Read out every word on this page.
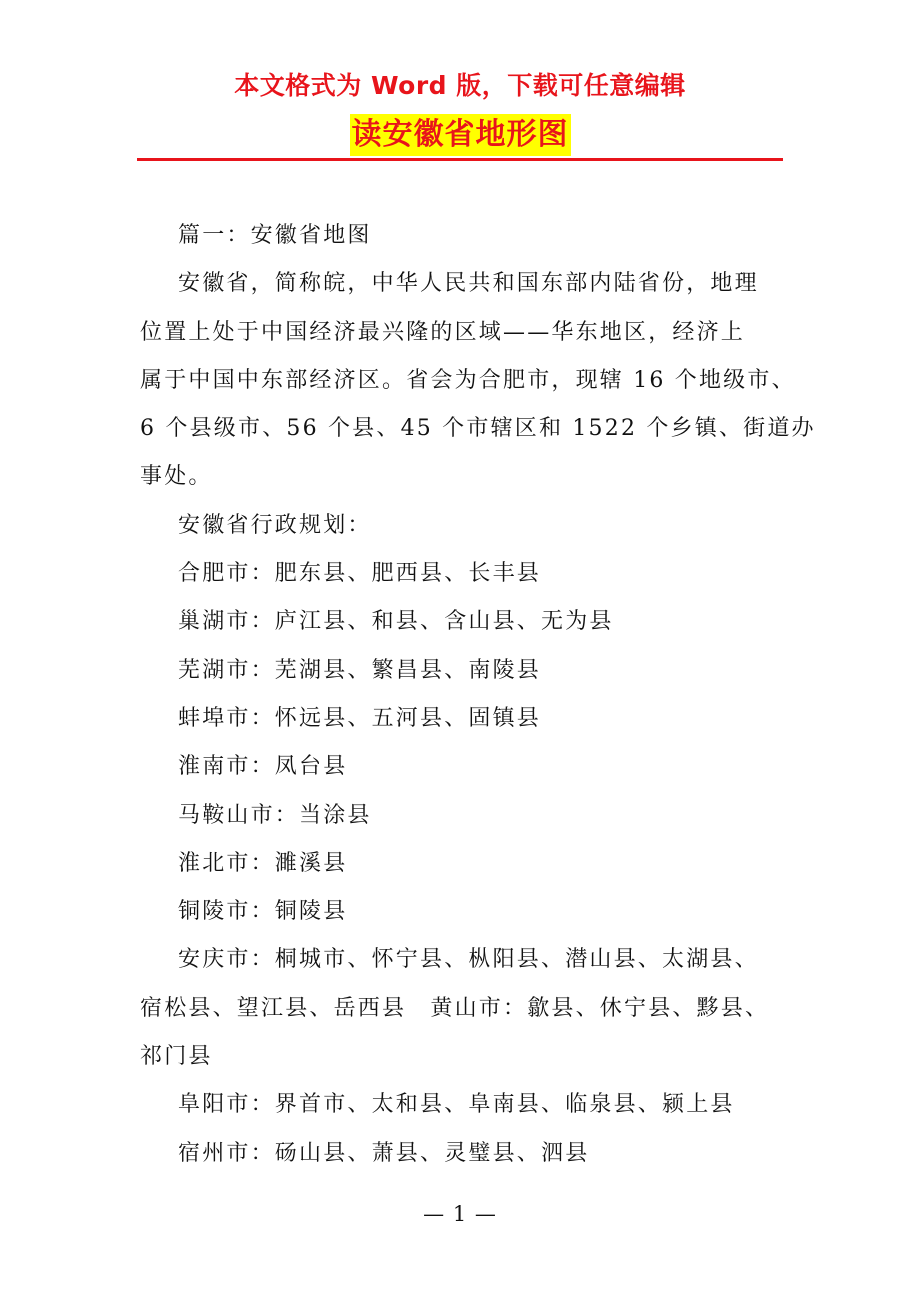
本文格式为 Word 版，下载可任意编辑
读安徽省地形图

篇一：安徽省地图

安徽省，简称皖，中华人民共和国东部内陆省份，地理

位置上处于中国经济最兴隆的区域——华东地区，经济上

属于中国中东部经济区。省会为合肥市，现辖 16 个地级市、

6 个县级市、56 个县、45 个市辖区和 1522 个乡镇、街道办

事处。

安徽省行政规划：

合肥市：肥东县、肥西县、长丰县

巢湖市：庐江县、和县、含山县、无为县

芜湖市：芜湖县、繁昌县、南陵县

蚌埠市：怀远县、五河县、固镇县

淮南市：凤台县

马鞍山市：当涂县

淮北市：濉溪县

铜陵市：铜陵县

安庆市：桐城市、怀宁县、枞阳县、潜山县、太湖县、

宿松县、望江县、岳西县　黄山市：歙县、休宁县、黟县、

祁门县

阜阳市：界首市、太和县、阜南县、临泉县、颍上县

宿州市：砀山县、萧县、灵璧县、泗县

— 1 —
